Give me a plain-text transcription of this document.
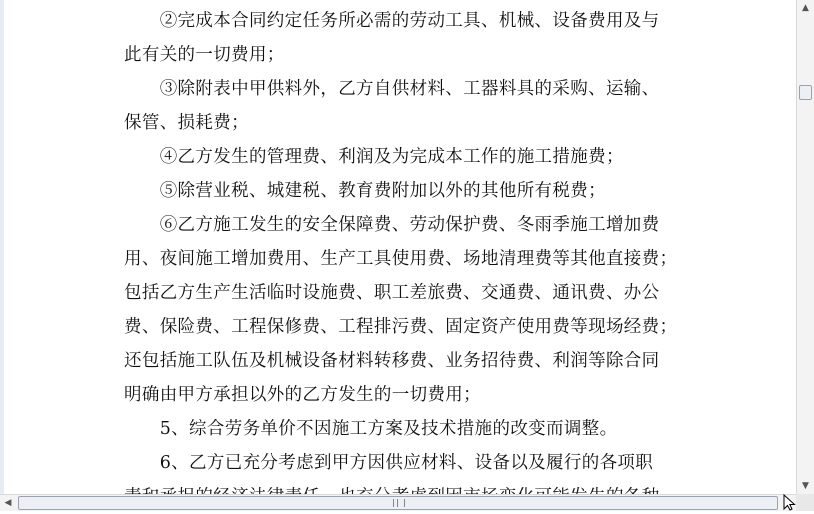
　　②完成本合同约定任务所必需的劳动工具、机械、设备费用及与
此有关的一切费用；
　　③除附表中甲供料外，乙方自供材料、工器料具的采购、运输、
保管、损耗费；
　　④乙方发生的管理费、利润及为完成本工作的施工措施费；
　　⑤除营业税、城建税、教育费附加以外的其他所有税费；
　　⑥乙方施工发生的安全保障费、劳动保护费、冬雨季施工增加费
用、夜间施工增加费用、生产工具使用费、场地清理费等其他直接费；
包括乙方生产生活临时设施费、职工差旅费、交通费、通讯费、办公
费、保险费、工程保修费、工程排污费、固定资产使用费等现场经费；
还包括施工队伍及机械设备材料转移费、业务招待费、利润等除合同
明确由甲方承担以外的乙方发生的一切费用；
　　5、综合劳务单价不因施工方案及技术措施的改变而调整。
　　6、乙方已充分考虑到甲方因供应材料、设备以及履行的各项职
▲
▼
◀
